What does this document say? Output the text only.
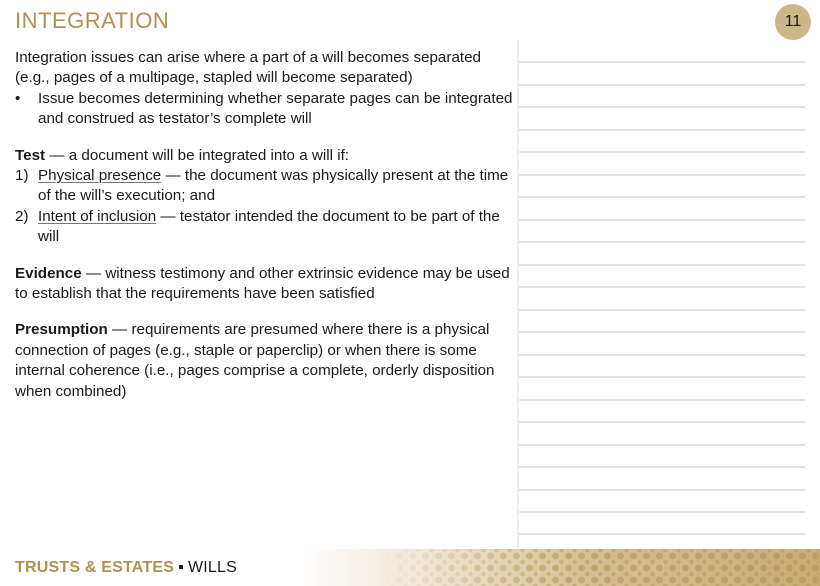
INTEGRATION	11

Integration issues can arise where a part of a will becomes separated (e.g., pages of a multipage, stapled will become separated)

• Issue becomes determining whether separate pages can be integrated and construed as testator’s complete will

Test — a document will be integrated into a will if:

1) Physical presence — the document was physically present at the time of the will’s execution; and
2) Intent of inclusion — testator intended the document to be part of the will

Evidence — witness testimony and other extrinsic evidence may be used to establish that the requirements have been satisfied

Presumption — requirements are presumed where there is a physical connection of pages (e.g., staple or paperclip) or when there is some internal coherence (i.e., pages comprise a complete, orderly disposition when combined)

TRUSTS & ESTATES ▪ WILLS
